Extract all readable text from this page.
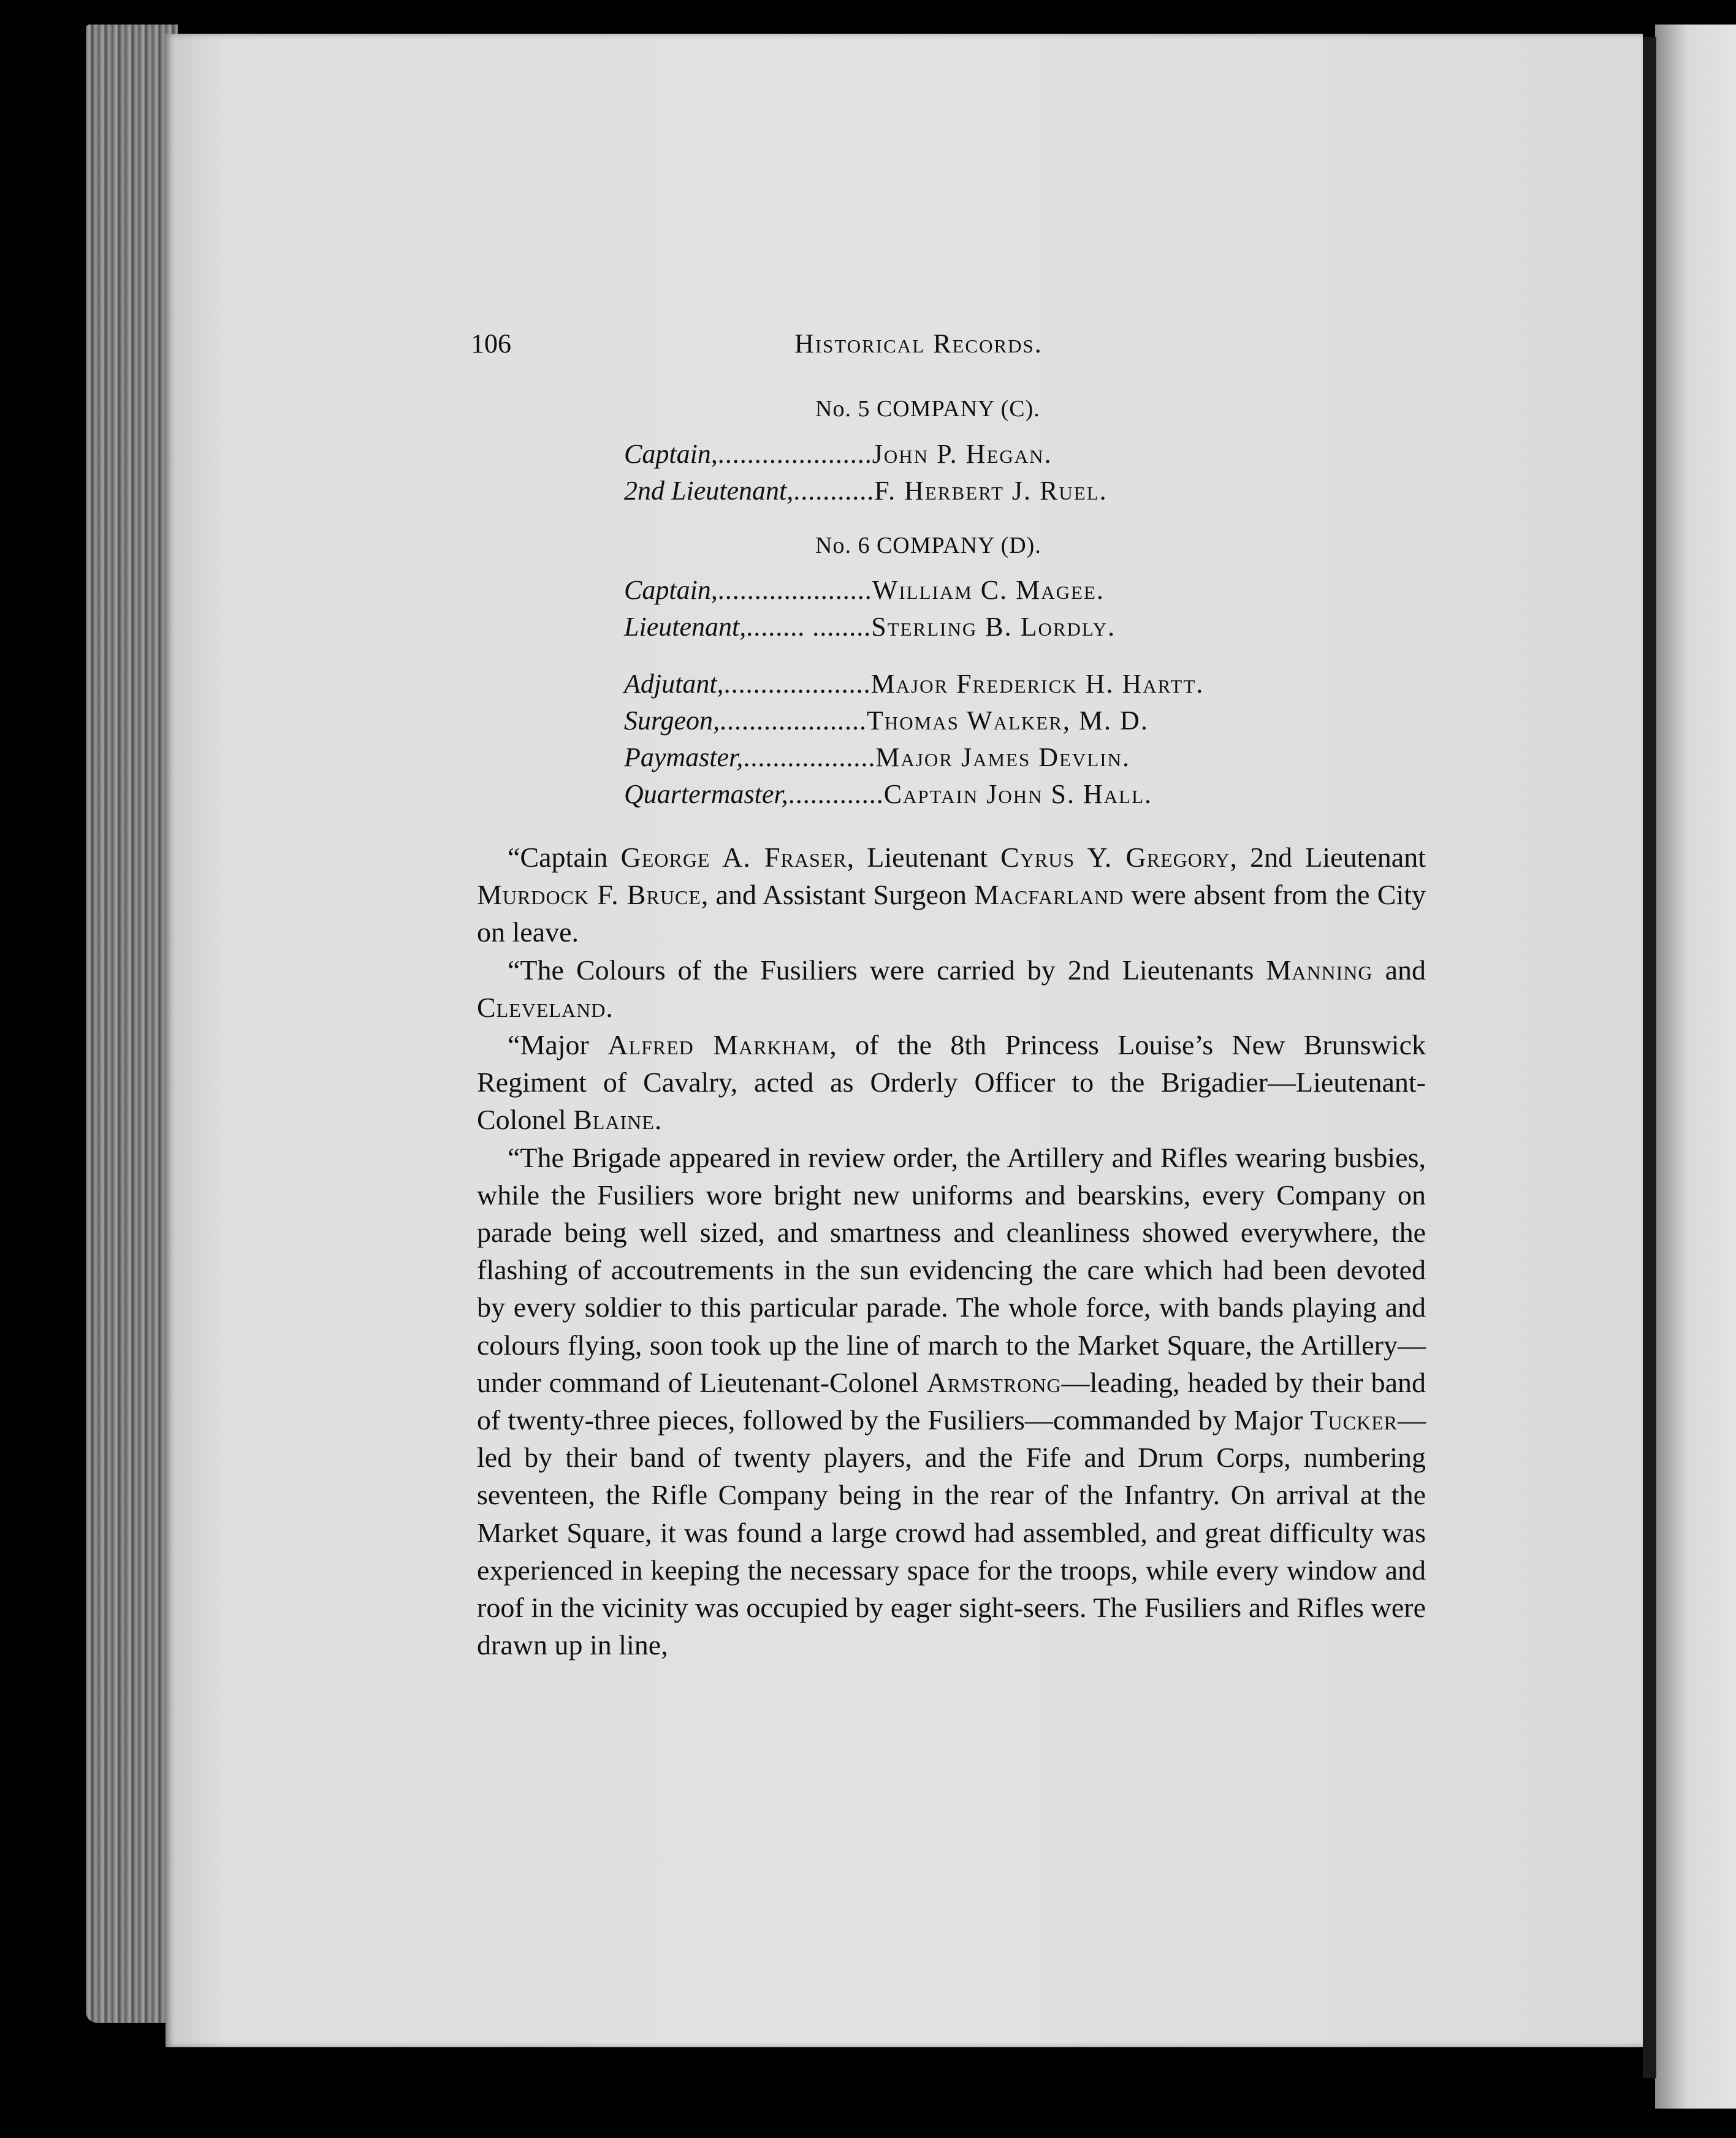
106	Historical Records.
No. 5 COMPANY (C).
Captain,.....................John P. Hegan.
2nd Lieutenant,...........F. Herbert J. Ruel.
No. 6 COMPANY (D).
Captain,.....................William C. Magee.
Lieutenant,........ ........Sterling B. Lordly.
Adjutant,....................Major Frederick H. Hartt.
Surgeon,....................Thomas Walker, M. D.
Paymaster,..................Major James Devlin.
Quartermaster,.............Captain John S. Hall.

“Captain George A. Fraser, Lieutenant Cyrus Y. Gregory, 2nd Lieutenant Murdock F. Bruce, and Assistant Surgeon Macfarland were absent from the City on leave.

“The Colours of the Fusiliers were carried by 2nd Lieutenants Manning and Cleveland.

“Major Alfred Markham, of the 8th Princess Louise’s New Brunswick Regiment of Cavalry, acted as Orderly Officer to the Brigadier—Lieutenant-Colonel Blaine.

“The Brigade appeared in review order, the Artillery and Rifles wearing busbies, while the Fusiliers wore bright new uniforms and bearskins, every Company on parade being well sized, and smartness and cleanliness showed everywhere, the flashing of accoutrements in the sun evidencing the care which had been devoted by every soldier to this particular parade. The whole force, with bands playing and colours flying, soon took up the line of march to the Market Square, the Artillery—under command of Lieutenant-Colonel Armstrong—leading, headed by their band of twenty-three pieces, followed by the Fusiliers—commanded by Major Tucker—led by their band of twenty players, and the Fife and Drum Corps, numbering seventeen, the Rifle Company being in the rear of the Infantry. On arrival at the Market Square, it was found a large crowd had assembled, and great difficulty was experienced in keeping the necessary space for the troops, while every window and roof in the vicinity was occupied by eager sight-seers. The Fusiliers and Rifles were drawn up in line,
